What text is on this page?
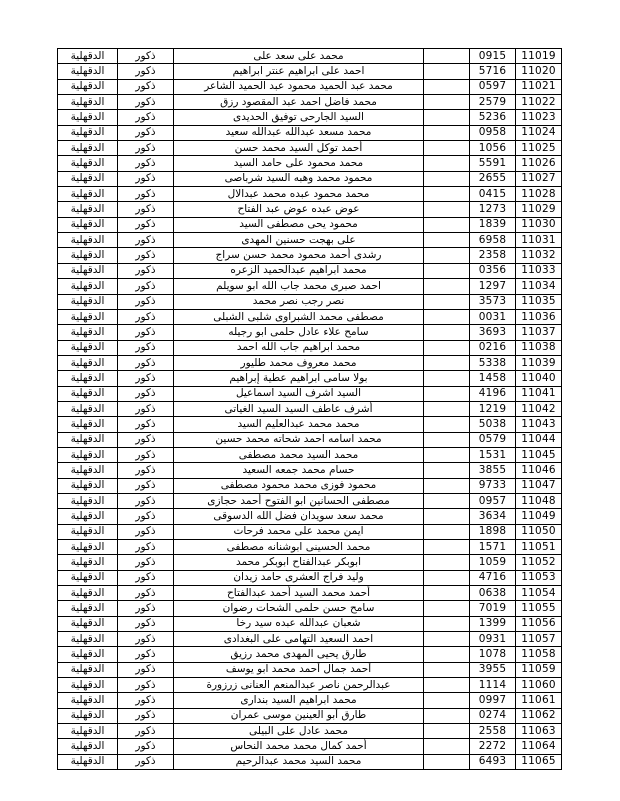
11019	0915		محمد على سعد على	ذكور	الدقهلية
11020	5716		احمد على ابراهيم عنتر ابراهيم	ذكور	الدقهلية
11021	0597		محمد عبد الحميد محمود عبد الحميد الشاعر	ذكور	الدقهلية
11022	2579		محمد فاضل احمد عبد المقصود رزق	ذكور	الدقهلية
11023	5236		السيد الجارحى توفيق الحديدى	ذكور	الدقهلية
11024	0958		محمد مسعد عبدالله عبدالله سعيد	ذكور	الدقهلية
11025	1056		أحمد توكل السيد محمد حسن	ذكور	الدقهلية
11026	5591		محمد محمود على حامد السيد	ذكور	الدقهلية
11027	2655		محمود محمد وهبه السيد شرباصى	ذكور	الدقهلية
11028	0415		محمد محمود عبده محمد عبدالال	ذكور	الدقهلية
11029	1273		عوض عبده عوض عبد الفتاح	ذكور	الدقهلية
11030	1839		محمود يحى مصطفى السيد	ذكور	الدقهلية
11031	6958		على بهجت حسنين المهدى	ذكور	الدقهلية
11032	2358		رشدى أحمد محمود محمد حسن سراج	ذكور	الدقهلية
11033	0356		محمد ابراهيم عبدالحميد الزعره	ذكور	الدقهلية
11034	1297		احمد صبرى محمد جاب الله ابو سويلم	ذكور	الدقهلية
11035	3573		نصر رجب نصر محمد	ذكور	الدقهلية
11036	0031		مصطفى محمد الشبراوى شلبى الشبلى	ذكور	الدقهلية
11037	3693		سامح علاء عادل حلمى ابو رجيله	ذكور	الدقهلية
11038	0216		محمد ابراهيم جاب الله احمد	ذكور	الدقهلية
11039	5338		محمد معروف محمد طليور	ذكور	الدقهلية
11040	1458		بولا سامى ابراهيم عطية إبراهيم	ذكور	الدقهلية
11041	4196		السيد اشرف السيد اسماعيل	ذكور	الدقهلية
11042	1219		أشرف عاطف السيد السيد الغياتى	ذكور	الدقهلية
11043	5038		محمد محمد عبدالعليم السيد	ذكور	الدقهلية
11044	0579		محمد اسامه احمد شحاته محمد حسين	ذكور	الدقهلية
11045	1531		محمد السيد محمد مصطفى	ذكور	الدقهلية
11046	3855		حسام محمد جمعه السعيد	ذكور	الدقهلية
11047	9733		محمود فوزى محمد محمود مصطفى	ذكور	الدقهلية
11048	0957		مصطفى الحسانين ابو الفتوح أحمد حجازى	ذكور	الدقهلية
11049	3634		محمد سعد سويدان فضل الله الدسوقى	ذكور	الدقهلية
11050	1898		ايمن محمد على محمد فرحات	ذكور	الدقهلية
11051	1571		محمد الحسينى ابوشنانه مصطفى	ذكور	الدقهلية
11052	1059		ابوبكر عبدالفتاح ابوبكر محمد	ذكور	الدقهلية
11053	4716		وليد فراج العشرى حامد زيدان	ذكور	الدقهلية
11054	0638		أحمد محمد السيد أحمد عبدالفتاح	ذكور	الدقهلية
11055	7019		سامح حسن حلمى الشحات رضوان	ذكور	الدقهلية
11056	1399		شعبان عبدالله عبده سيد رخا	ذكور	الدقهلية
11057	0931		احمد السعيد التهامى على البغدادى	ذكور	الدقهلية
11058	1078		طارق يحيى المهدى محمد رزيق	ذكور	الدقهلية
11059	3955		أحمد جمال أحمد محمد ابو يوسف	ذكور	الدقهلية
11060	1114		عبدالرحمن ناصر عبدالمنعم العنانى زرزورة	ذكور	الدقهلية
11061	0997		محمد ابراهيم السيد بندارى	ذكور	الدقهلية
11062	0274		طارق أبو العينين موسى عمران	ذكور	الدقهلية
11063	2558		محمد عادل على البيلى	ذكور	الدقهلية
11064	2272		أحمد كمال محمد محمد النحاس	ذكور	الدقهلية
11065	6493		محمد السيد محمد عبدالرحيم	ذكور	الدقهلية
